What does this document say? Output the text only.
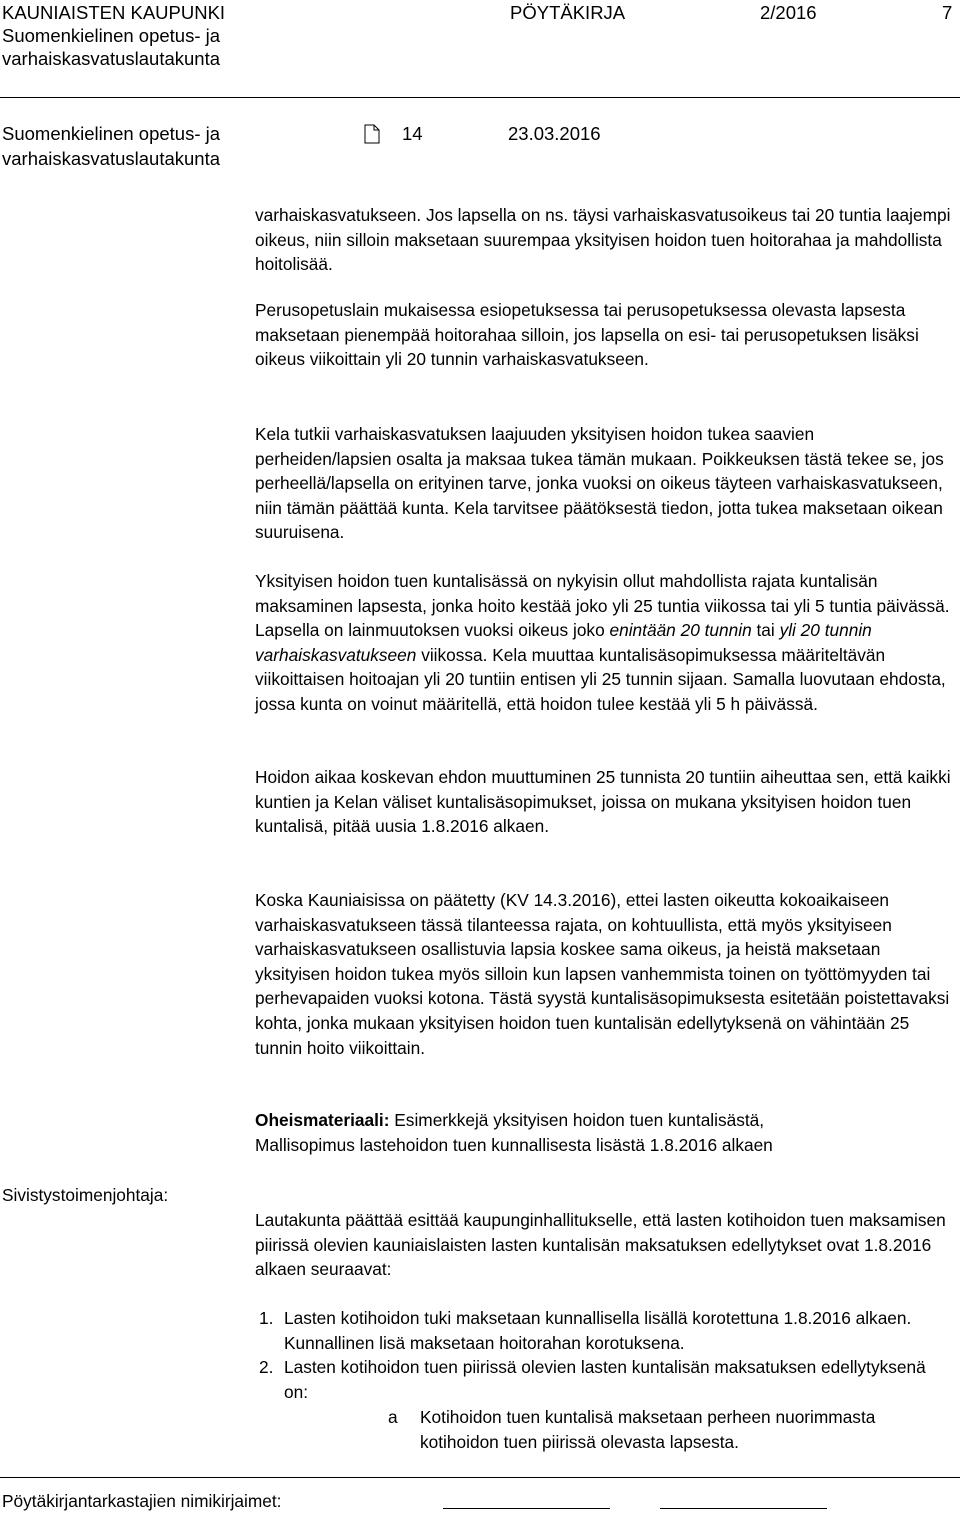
KAUNIAISTEN KAUPUNKI	PÖYTÄKIRJA	2/2016	7
Suomenkielinen opetus- ja
varhaiskasvatuslautakunta
Suomenkielinen opetus- ja
varhaiskasvatuslautakunta
14	23.03.2016

varhaiskasvatukseen. Jos lapsella on ns. täysi varhaiskasvatusoikeus tai 20 tuntia laajempi oikeus, niin silloin maksetaan suurempaa yksityisen hoidon tuen hoitorahaa ja mahdollista hoitolisää.

Perusopetuslain mukaisessa esiopetuksessa tai perusopetuksessa olevasta lapsesta maksetaan pienempää hoitorahaa silloin, jos lapsella on esi- tai perusopetuksen lisäksi oikeus viikoittain yli 20 tunnin varhaiskasvatukseen.

Kela tutkii varhaiskasvatuksen laajuuden yksityisen hoidon tukea saavien perheiden/lapsien osalta ja maksaa tukea tämän mukaan. Poikkeuksen tästä tekee se, jos perheellä/lapsella on erityinen tarve, jonka vuoksi on oikeus täyteen varhaiskasvatukseen, niin tämän päättää kunta. Kela tarvitsee päätöksestä tiedon, jotta tukea maksetaan oikean suuruisena.

Yksityisen hoidon tuen kuntalisässä on nykyisin ollut mahdollista rajata kuntalisän maksaminen lapsesta, jonka hoito kestää joko yli 25 tuntia viikossa tai yli 5 tuntia päivässä. Lapsella on lainmuutoksen vuoksi oikeus joko enintään 20 tunnin tai yli 20 tunnin varhaiskasvatukseen viikossa. Kela muuttaa kuntalisäsopimuksessa määriteltävän viikoittaisen hoitoajan yli 20 tuntiin entisen yli 25 tunnin sijaan. Samalla luovutaan ehdosta, jossa kunta on voinut määritellä, että hoidon tulee kestää yli 5 h päivässä.

Hoidon aikaa koskevan ehdon muuttuminen 25 tunnista 20 tuntiin aiheuttaa sen, että kaikki kuntien ja Kelan väliset kuntalisäsopimukset, joissa on mukana yksityisen hoidon tuen kuntalisä, pitää uusia 1.8.2016 alkaen.

Koska Kauniaisissa on päätetty (KV 14.3.2016), ettei lasten oikeutta kokoaikaiseen varhaiskasvatukseen tässä tilanteessa rajata, on kohtuullista, että myös yksityiseen varhaiskasvatukseen osallistuvia lapsia koskee sama oikeus, ja heistä maksetaan yksityisen hoidon tukea myös silloin kun lapsen vanhemmista toinen on työttömyyden tai perhevapaiden vuoksi kotona. Tästä syystä kuntalisäsopimuksesta esitetään poistettavaksi kohta, jonka mukaan yksityisen hoidon tuen kuntalisän edellytyksenä on vähintään 25 tunnin hoito viikoittain.

Oheismateriaali: Esimerkkejä yksityisen hoidon tuen kuntalisästä,

Mallisopimus lastehoidon tuen kunnallisesta lisästä 1.8.2016 alkaen

Sivistystoimenjohtaja:

Lautakunta päättää esittää kaupunginhallitukselle, että lasten kotihoidon tuen maksamisen piirissä olevien kauniaislaisten lasten kuntalisän maksatuksen edellytykset ovat 1.8.2016 alkaen seuraavat:

1. Lasten kotihoidon tuki maksetaan kunnallisella lisällä korotettuna 1.8.2016 alkaen. Kunnallinen lisä maksetaan hoitorahan korotuksena.

2. Lasten kotihoidon tuen piirissä olevien lasten kuntalisän maksatuksen edellytyksenä on:

a Kotihoidon tuen kuntalisä maksetaan perheen nuorimmasta kotihoidon tuen piirissä olevasta lapsesta.

Pöytäkirjantarkastajien nimikirjaimet:
